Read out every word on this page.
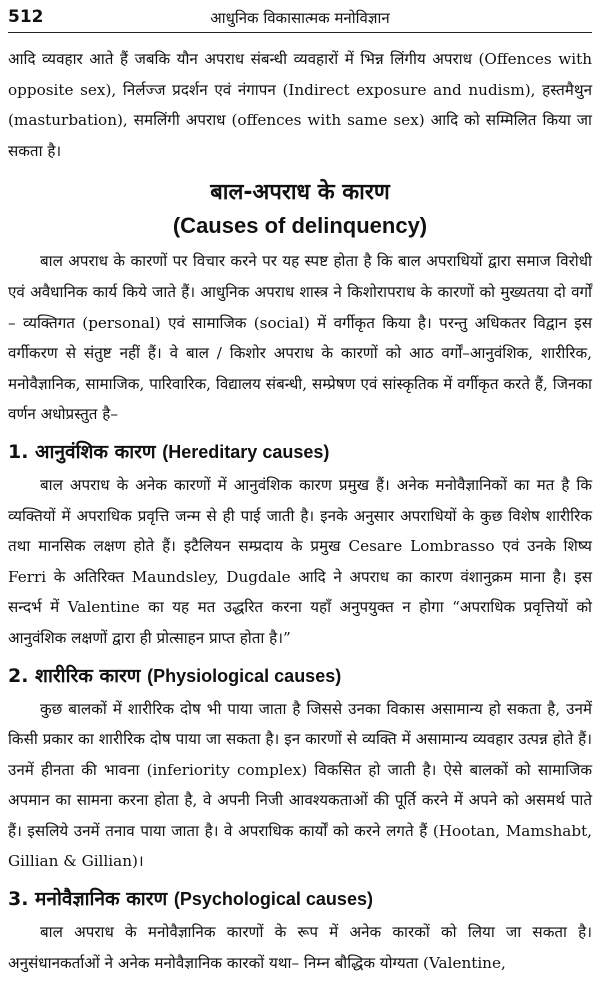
512	आधुनिक विकासात्मक मनोविज्ञान

आदि व्यवहार आते हैं जबकि यौन अपराध संबन्धी व्यवहारों में भिन्न लिंगीय अपराध (Offences with opposite sex), निर्लज्ज प्रदर्शन एवं नंगापन (Indirect exposure and nudism), हस्तमैथुन (masturbation), समलिंगी अपराध (offences with same sex) आदि को सम्मिलित किया जा सकता है।

बाल-अपराध के कारण
(Causes of delinquency)

बाल अपराध के कारणों पर विचार करने पर यह स्पष्ट होता है कि बाल अपराधियों द्वारा समाज विरोधी एवं अवैधानिक कार्य किये जाते हैं। आधुनिक अपराध शास्त्र ने किशोरापराध के कारणों को मुख्यतया दो वर्गों – व्यक्तिगत (personal) एवं सामाजिक (social) में वर्गीकृत किया है। परन्तु अधिकतर विद्वान इस वर्गीकरण से संतुष्ट नहीं हैं। वे बाल / किशोर अपराध के कारणों को आठ वर्गों–आनुवंशिक, शारीरिक, मनोवैज्ञानिक, सामाजिक, पारिवारिक, विद्यालय संबन्धी, सम्प्रेषण एवं सांस्कृतिक में वर्गीकृत करते हैं, जिनका वर्णन अधोप्रस्तुत है–

1. आनुवंशिक कारण (Hereditary causes)

बाल अपराध के अनेक कारणों में आनुवंशिक कारण प्रमुख हैं। अनेक मनोवैज्ञानिकों का मत है कि व्यक्तियों में अपराधिक प्रवृत्ति जन्म से ही पाई जाती है। इनके अनुसार अपराधियों के कुछ विशेष शारीरिक तथा मानसिक लक्षण होते हैं। इटैलियन सम्प्रदाय के प्रमुख Cesare Lombrasso एवं उनके शिष्य Ferri के अतिरिक्त Maundsley, Dugdale आदि ने अपराध का कारण वंशानुक्रम माना है। इस सन्दर्भ में Valentine का यह मत उद्धरित करना यहाँ अनुपयुक्त न होगा “अपराधिक प्रवृत्तियों को आनुवंशिक लक्षणों द्वारा ही प्रोत्साहन प्राप्त होता है।”

2. शारीरिक कारण (Physiological causes)

कुछ बालकों में शारीरिक दोष भी पाया जाता है जिससे उनका विकास असामान्य हो सकता है, उनमें किसी प्रकार का शारीरिक दोष पाया जा सकता है। इन कारणों से व्यक्ति में असामान्य व्यवहार उत्पन्न होते हैं। उनमें हीनता की भावना (inferiority complex) विकसित हो जाती है। ऐसे बालकों को सामाजिक अपमान का सामना करना होता है, वे अपनी निजी आवश्यकताओं की पूर्ति करने में अपने को असमर्थ पाते हैं। इसलिये उनमें तनाव पाया जाता है। वे अपराधिक कार्यों को करने लगते हैं (Hootan, Mamshabt, Gillian & Gillian)।

3. मनोवैज्ञानिक कारण (Psychological causes)

बाल अपराध के मनोवैज्ञानिक कारणों के रूप में अनेक कारकों को लिया जा सकता है। अनुसंधानकर्ताओं ने अनेक मनोवैज्ञानिक कारकों यथा– निम्न बौद्धिक योग्यता (Valentine,
